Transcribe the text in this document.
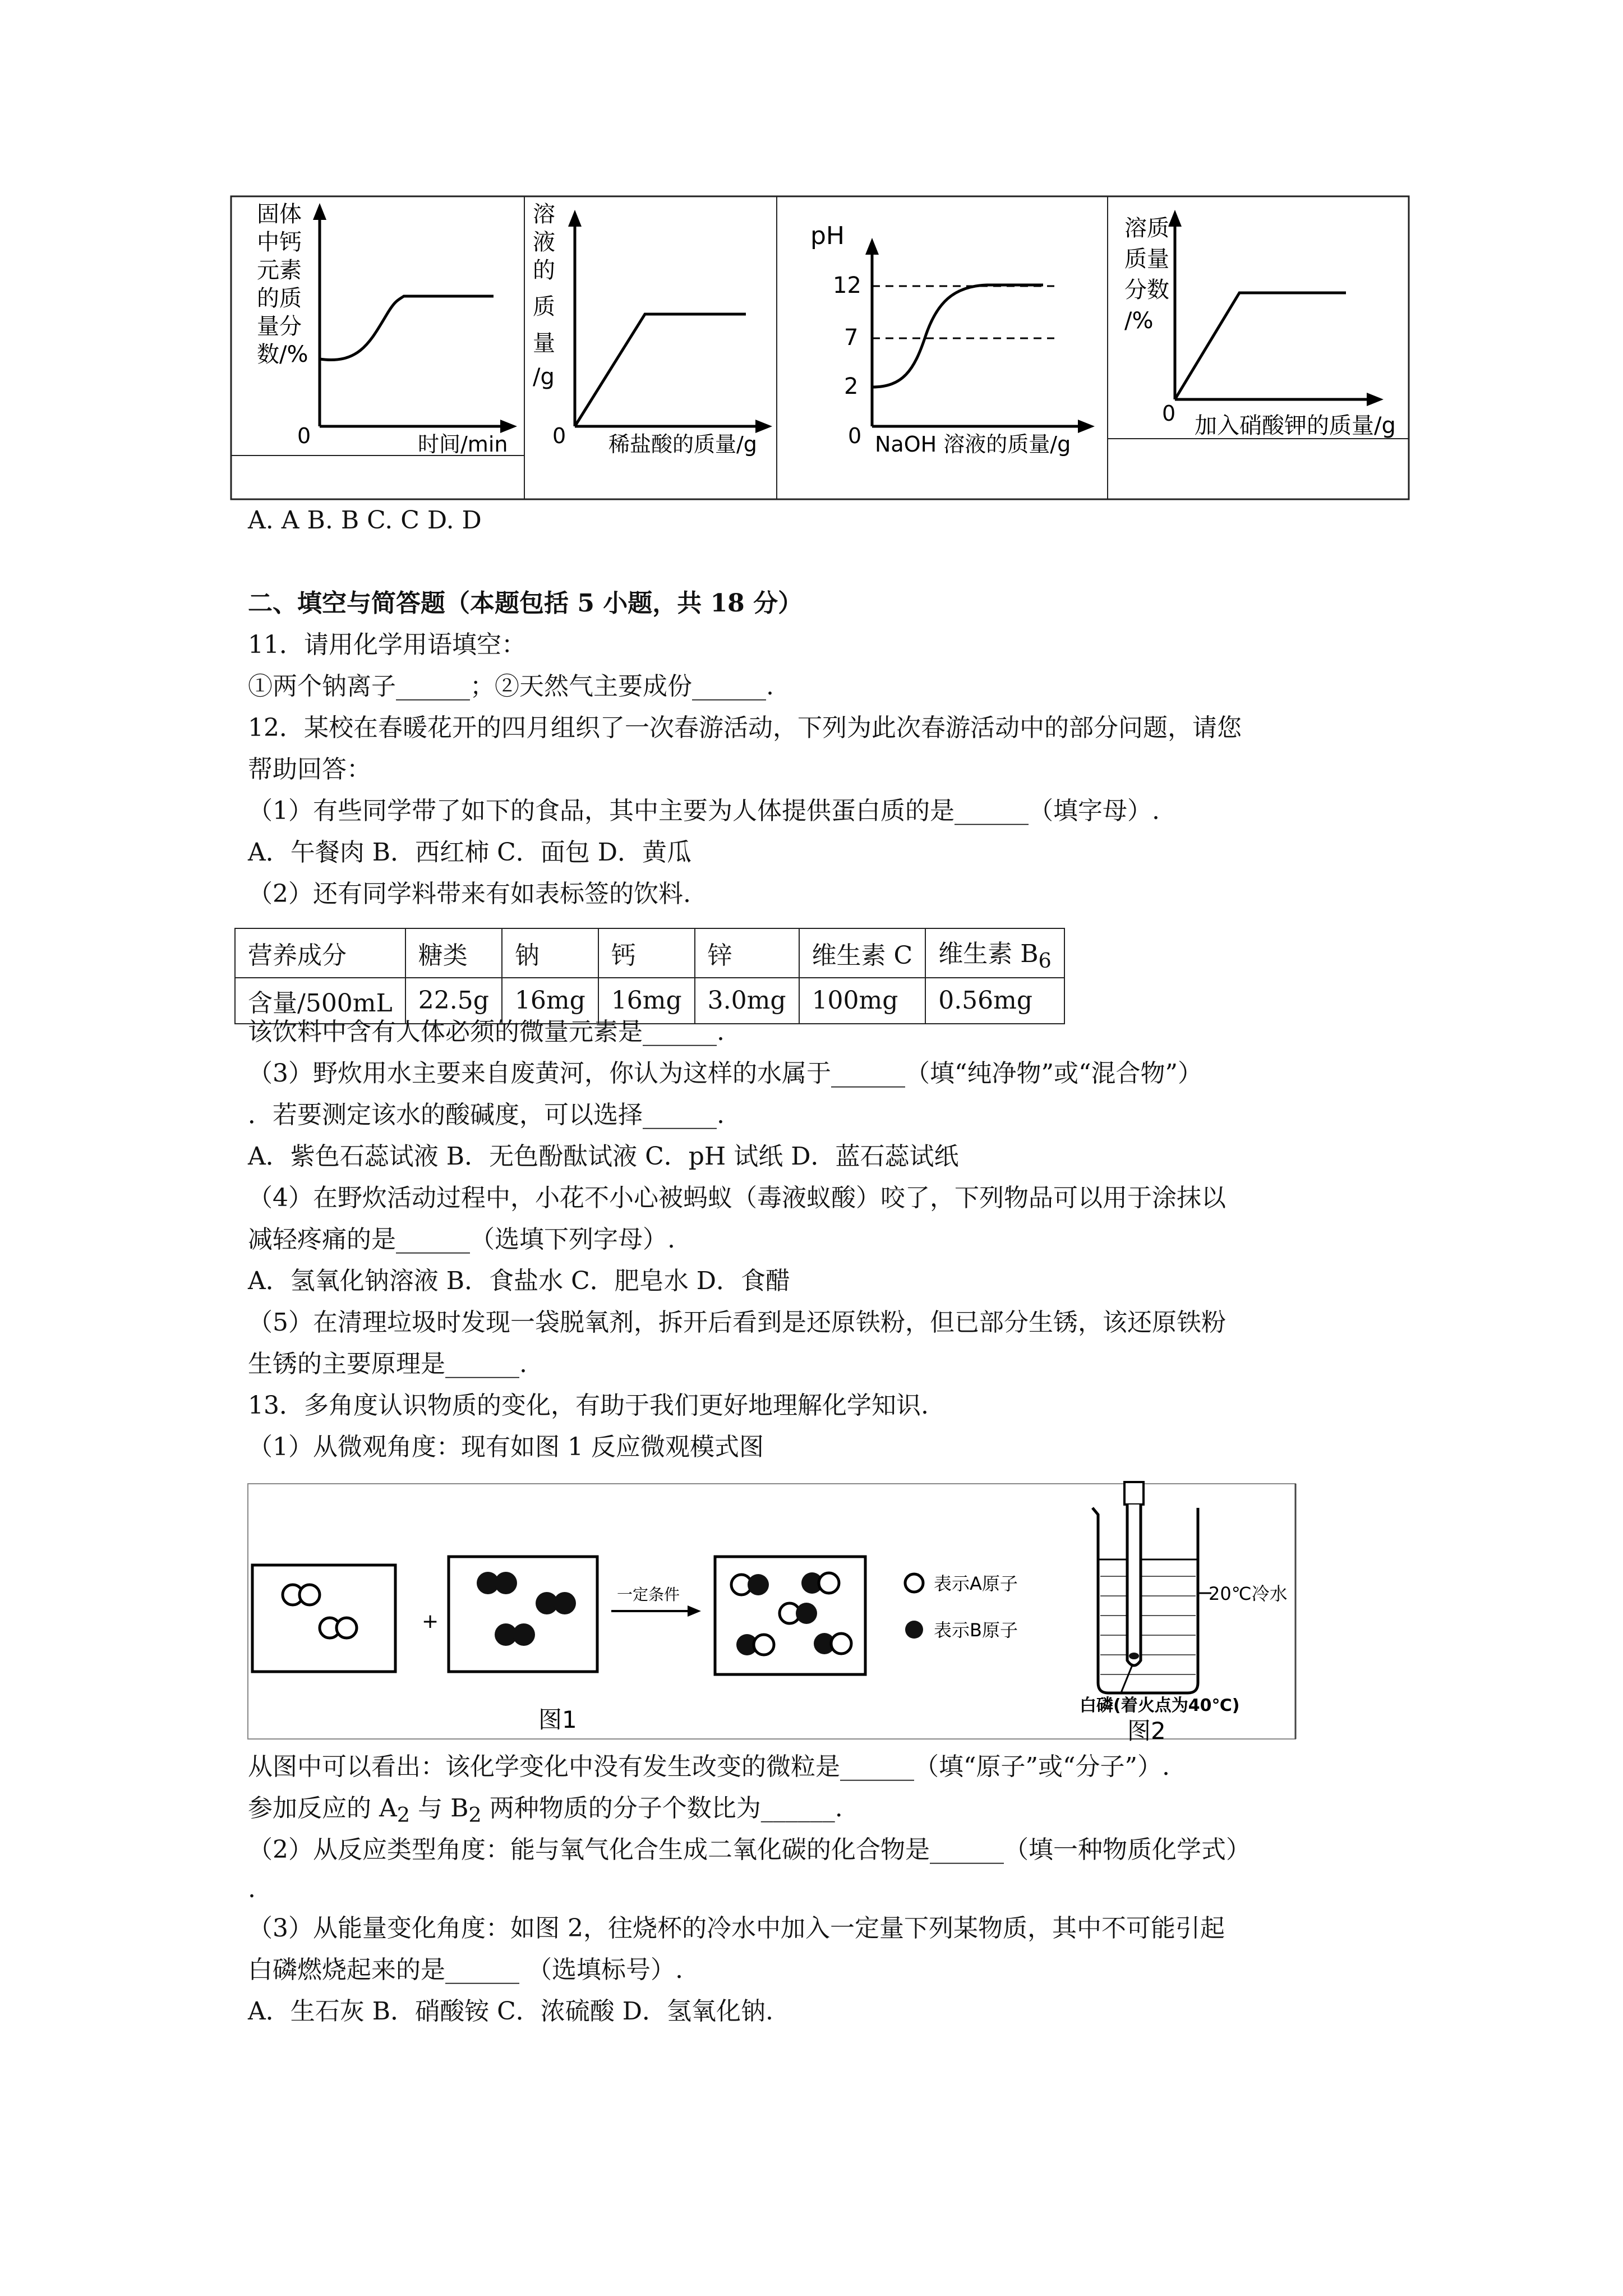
固体
中钙
元素
的质
量分
数/%
0	时间/min
溶
液
的
质
量
/g
0 稀盐酸的质量/g
pH
12
7
2
0 NaOH 溶液的质量/g
溶质
质量
分数
/%
0 加入硝酸钾的质量/g
A. A B. B C. C D. D
二、填空与简答题（本题包括 5 小题，共 18 分）
11．请用化学用语填空：
①两个钠离子______；②天然气主要成份______.
12．某校在春暖花开的四月组织了一次春游活动，下列为此次春游活动中的部分问题，请您
帮助回答：
（1）有些同学带了如下的食品，其中主要为人体提供蛋白质的是______（填字母）.
A．午餐肉 B．西红柿 C．面包 D．黄瓜
（2）还有同学料带来有如表标签的饮料.
营养成分	糖类	钠	钙	锌	维生素 C	维生素 $B_6$
含量/500mL	22.5g	16mg	16mg	3.0mg	100mg	0.56mg
该饮料中含有人体必须的微量元素是______.
（3）野炊用水主要来自废黄河，你认为这样的水属于______（填“纯净物”或“混合物”）
．若要测定该水的酸碱度，可以选择______.
A．紫色石蕊试液 B．无色酚酞试液 C．pH 试纸 D．蓝石蕊试纸
（4）在野炊活动过程中，小花不小心被蚂蚁（毒液蚁酸）咬了，下列物品可以用于涂抹以
减轻疼痛的是______（选填下列字母）.
A．氢氧化钠溶液 B．食盐水 C．肥皂水 D．食醋
（5）在清理垃圾时发现一袋脱氧剂，拆开后看到是还原铁粉，但已部分生锈，该还原铁粉
生锈的主要原理是______.
13．多角度认识物质的变化，有助于我们更好地理解化学知识.
（1）从微观角度：现有如图 1 反应微观模式图
+
一定条件
表示A原子
表示B原子
图1
20℃冷水
白磷(着火点为40℃)
图2
从图中可以看出：该化学变化中没有发生改变的微粒是______（填“原子”或“分子”）.
参加反应的 $A_2$ 与 $B_2$ 两种物质的分子个数比为______.
（2）从反应类型角度：能与氧气化合生成二氧化碳的化合物是______（填一种物质化学式）
.
（3）从能量变化角度：如图 2，往烧杯的冷水中加入一定量下列某物质，其中不可能引起
白磷燃烧起来的是______ （选填标号）.
A．生石灰 B．硝酸铵 C．浓硫酸 D．氢氧化钠.
